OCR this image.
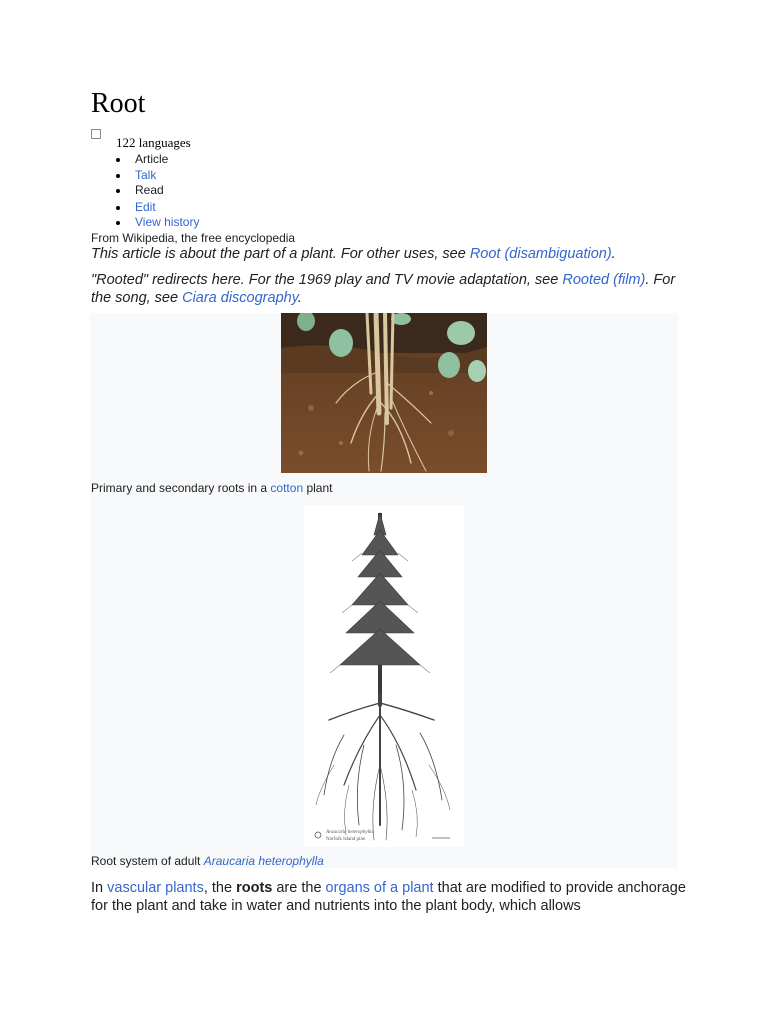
Root
122 languages
Article
Talk
Read
Edit
View history
From Wikipedia, the free encyclopedia

This article is about the part of a plant. For other uses, see Root (disambiguation).

"Rooted" redirects here. For the 1969 play and TV movie adaptation, see Rooted (film). For the song, see Ciara discography.

Primary and secondary roots in a cotton plant
Araucaria heterophylla
Norfolk Island pine
Root system of adult Araucaria heterophylla

In vascular plants, the roots are the organs of a plant that are modified to provide anchorage for the plant and take in water and nutrients into the plant body, which allows
